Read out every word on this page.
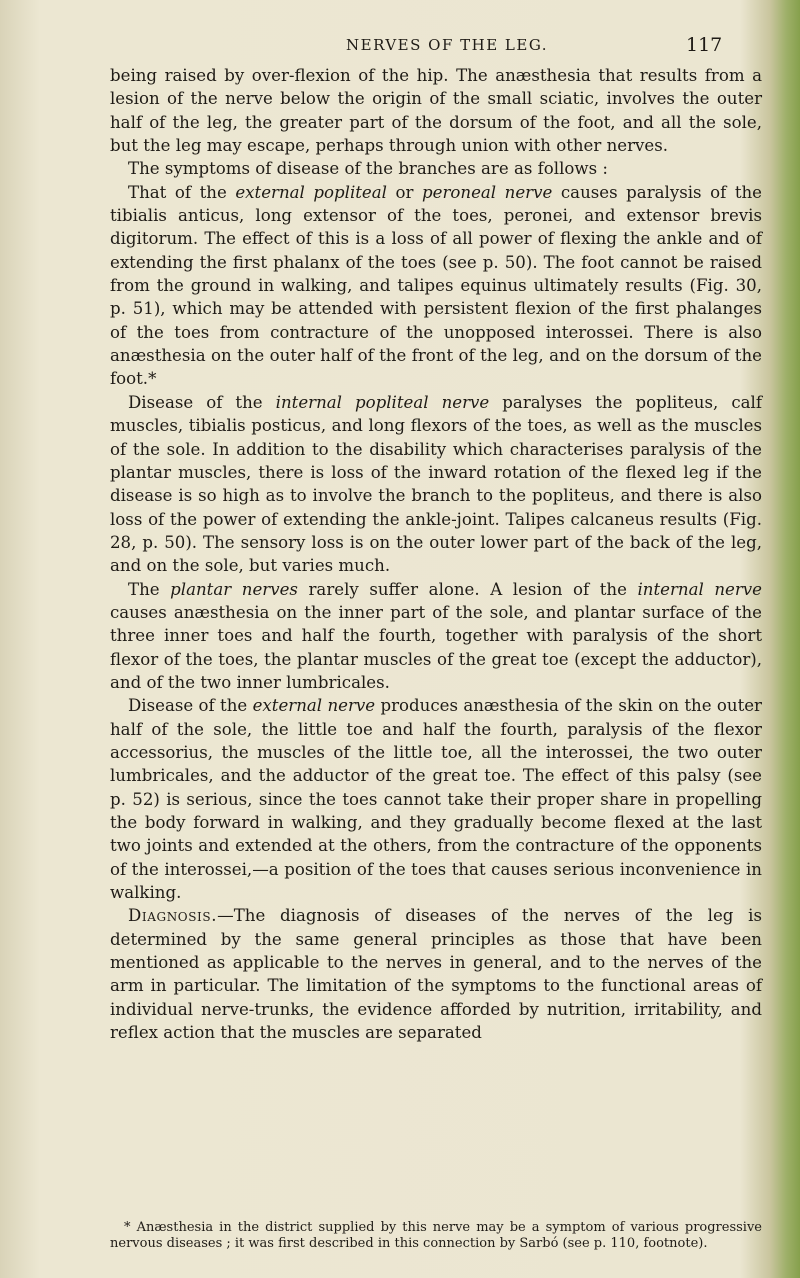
NERVES OF THE LEG.	117

being raised by over-flexion of the hip. The anæsthesia that results from a lesion of the nerve below the origin of the small sciatic, involves the outer half of the leg, the greater part of the dorsum of the foot, and all the sole, but the leg may escape, perhaps through union with other nerves.

The symptoms of disease of the branches are as follows :

That of the external popliteal or peroneal nerve causes paralysis of the tibialis anticus, long extensor of the toes, peronei, and extensor brevis digitorum. The effect of this is a loss of all power of flexing the ankle and of extending the first phalanx of the toes (see p. 50). The foot cannot be raised from the ground in walking, and talipes equinus ultimately results (Fig. 30, p. 51), which may be attended with persistent flexion of the first phalanges of the toes from contracture of the unopposed interossei. There is also anæsthesia on the outer half of the front of the leg, and on the dorsum of the foot.*

Disease of the internal popliteal nerve paralyses the popliteus, calf muscles, tibialis posticus, and long flexors of the toes, as well as the muscles of the sole. In addition to the disability which characterises paralysis of the plantar muscles, there is loss of the inward rotation of the flexed leg if the disease is so high as to involve the branch to the popliteus, and there is also loss of the power of extending the ankle-joint. Talipes calcaneus results (Fig. 28, p. 50). The sensory loss is on the outer lower part of the back of the leg, and on the sole, but varies much.

The plantar nerves rarely suffer alone. A lesion of the internal nerve causes anæsthesia on the inner part of the sole, and plantar surface of the three inner toes and half the fourth, together with paralysis of the short flexor of the toes, the plantar muscles of the great toe (except the adductor), and of the two inner lumbricales.

Disease of the external nerve produces anæsthesia of the skin on the outer half of the sole, the little toe and half the fourth, paralysis of the flexor accessorius, the muscles of the little toe, all the interossei, the two outer lumbricales, and the adductor of the great toe. The effect of this palsy (see p. 52) is serious, since the toes cannot take their proper share in propelling the body forward in walking, and they gradually become flexed at the last two joints and extended at the others, from the contracture of the opponents of the interossei,—a position of the toes that causes serious inconvenience in walking.

Diagnosis.—The diagnosis of diseases of the nerves of the leg is determined by the same general principles as those that have been mentioned as applicable to the nerves in general, and to the nerves of the arm in particular. The limitation of the symptoms to the functional areas of individual nerve-trunks, the evidence afforded by nutrition, irritability, and reflex action that the muscles are separated

* Anæsthesia in the district supplied by this nerve may be a symptom of various progressive nervous diseases ; it was first described in this connection by Sarbó (see p. 110, footnote).
